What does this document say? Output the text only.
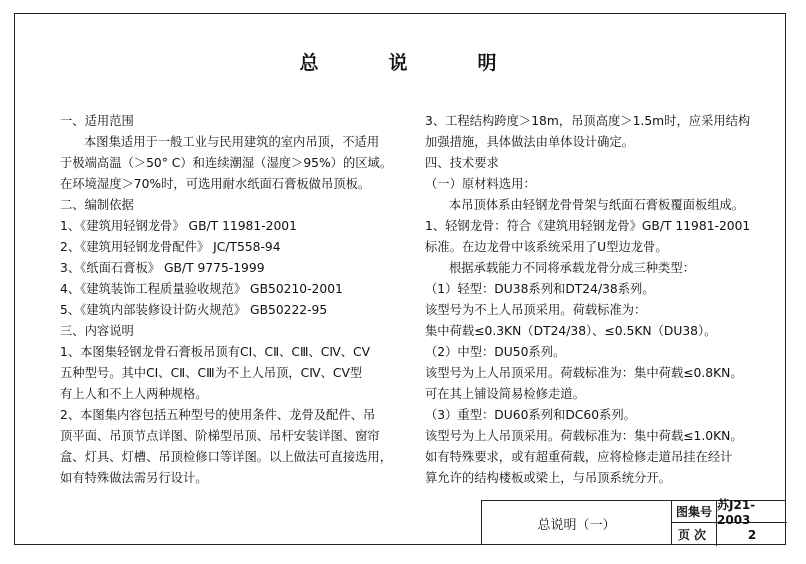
总	说	明
一、适用范围
本图集适用于一般工业与民用建筑的室内吊顶，不适用
于极端高温（＞50° C）和连续潮湿（湿度＞95%）的区域。
在环境湿度＞70%时，可选用耐水纸面石膏板做吊顶板。
二、编制依据
1、《建筑用轻钢龙骨》 GB/T 11981-2001
2、《建筑用轻钢龙骨配件》 JC/T558-94
3、《纸面石膏板》 GB/T 9775-1999
4、《建筑装饰工程质量验收规范》 GB50210-2001
5、《建筑内部装修设计防火规范》 GB50222-95
三、内容说明
1、本图集轻钢龙骨石膏板吊顶有CⅠ、CⅡ、CⅢ、CⅣ、CⅤ
五种型号。其中CⅠ、CⅡ、CⅢ为不上人吊顶，CⅣ、CⅤ型
有上人和不上人两种规格。
2、本图集内容包括五种型号的使用条件、龙骨及配件、吊
顶平面、吊顶节点详图、阶梯型吊顶、吊杆安装详图、窗帘
盒、灯具、灯槽、吊顶检修口等详图。以上做法可直接选用，
如有特殊做法需另行设计。
3、工程结构跨度＞18m，吊顶高度＞1.5m时，应采用结构
加强措施，具体做法由单体设计确定。
四、技术要求
（一）原材料选用：
本吊顶体系由轻钢龙骨骨架与纸面石膏板覆面板组成。
1、轻钢龙骨：符合《建筑用轻钢龙骨》GB/T 11981-2001
标准。在边龙骨中该系统采用了U型边龙骨。
根据承载能力不同将承载龙骨分成三种类型：
（1）轻型：DU38系列和DT24/38系列。
该型号为不上人吊顶采用。荷载标准为：
集中荷载≤0.3KN（DT24/38）、≤0.5KN（DU38）。
（2）中型：DU50系列。
该型号为上人吊顶采用。荷载标准为：集中荷载≤0.8KN。
可在其上铺设简易检修走道。
（3）重型：DU60系列和DC60系列。
该型号为上人吊顶采用。荷载标准为：集中荷载≤1.0KN。
如有特殊要求，或有超重荷载，应将检修走道吊挂在经计
算允许的结构楼板或梁上，与吊顶系统分开。
总说明（一）
图集号 苏J21-2003
页次	2
